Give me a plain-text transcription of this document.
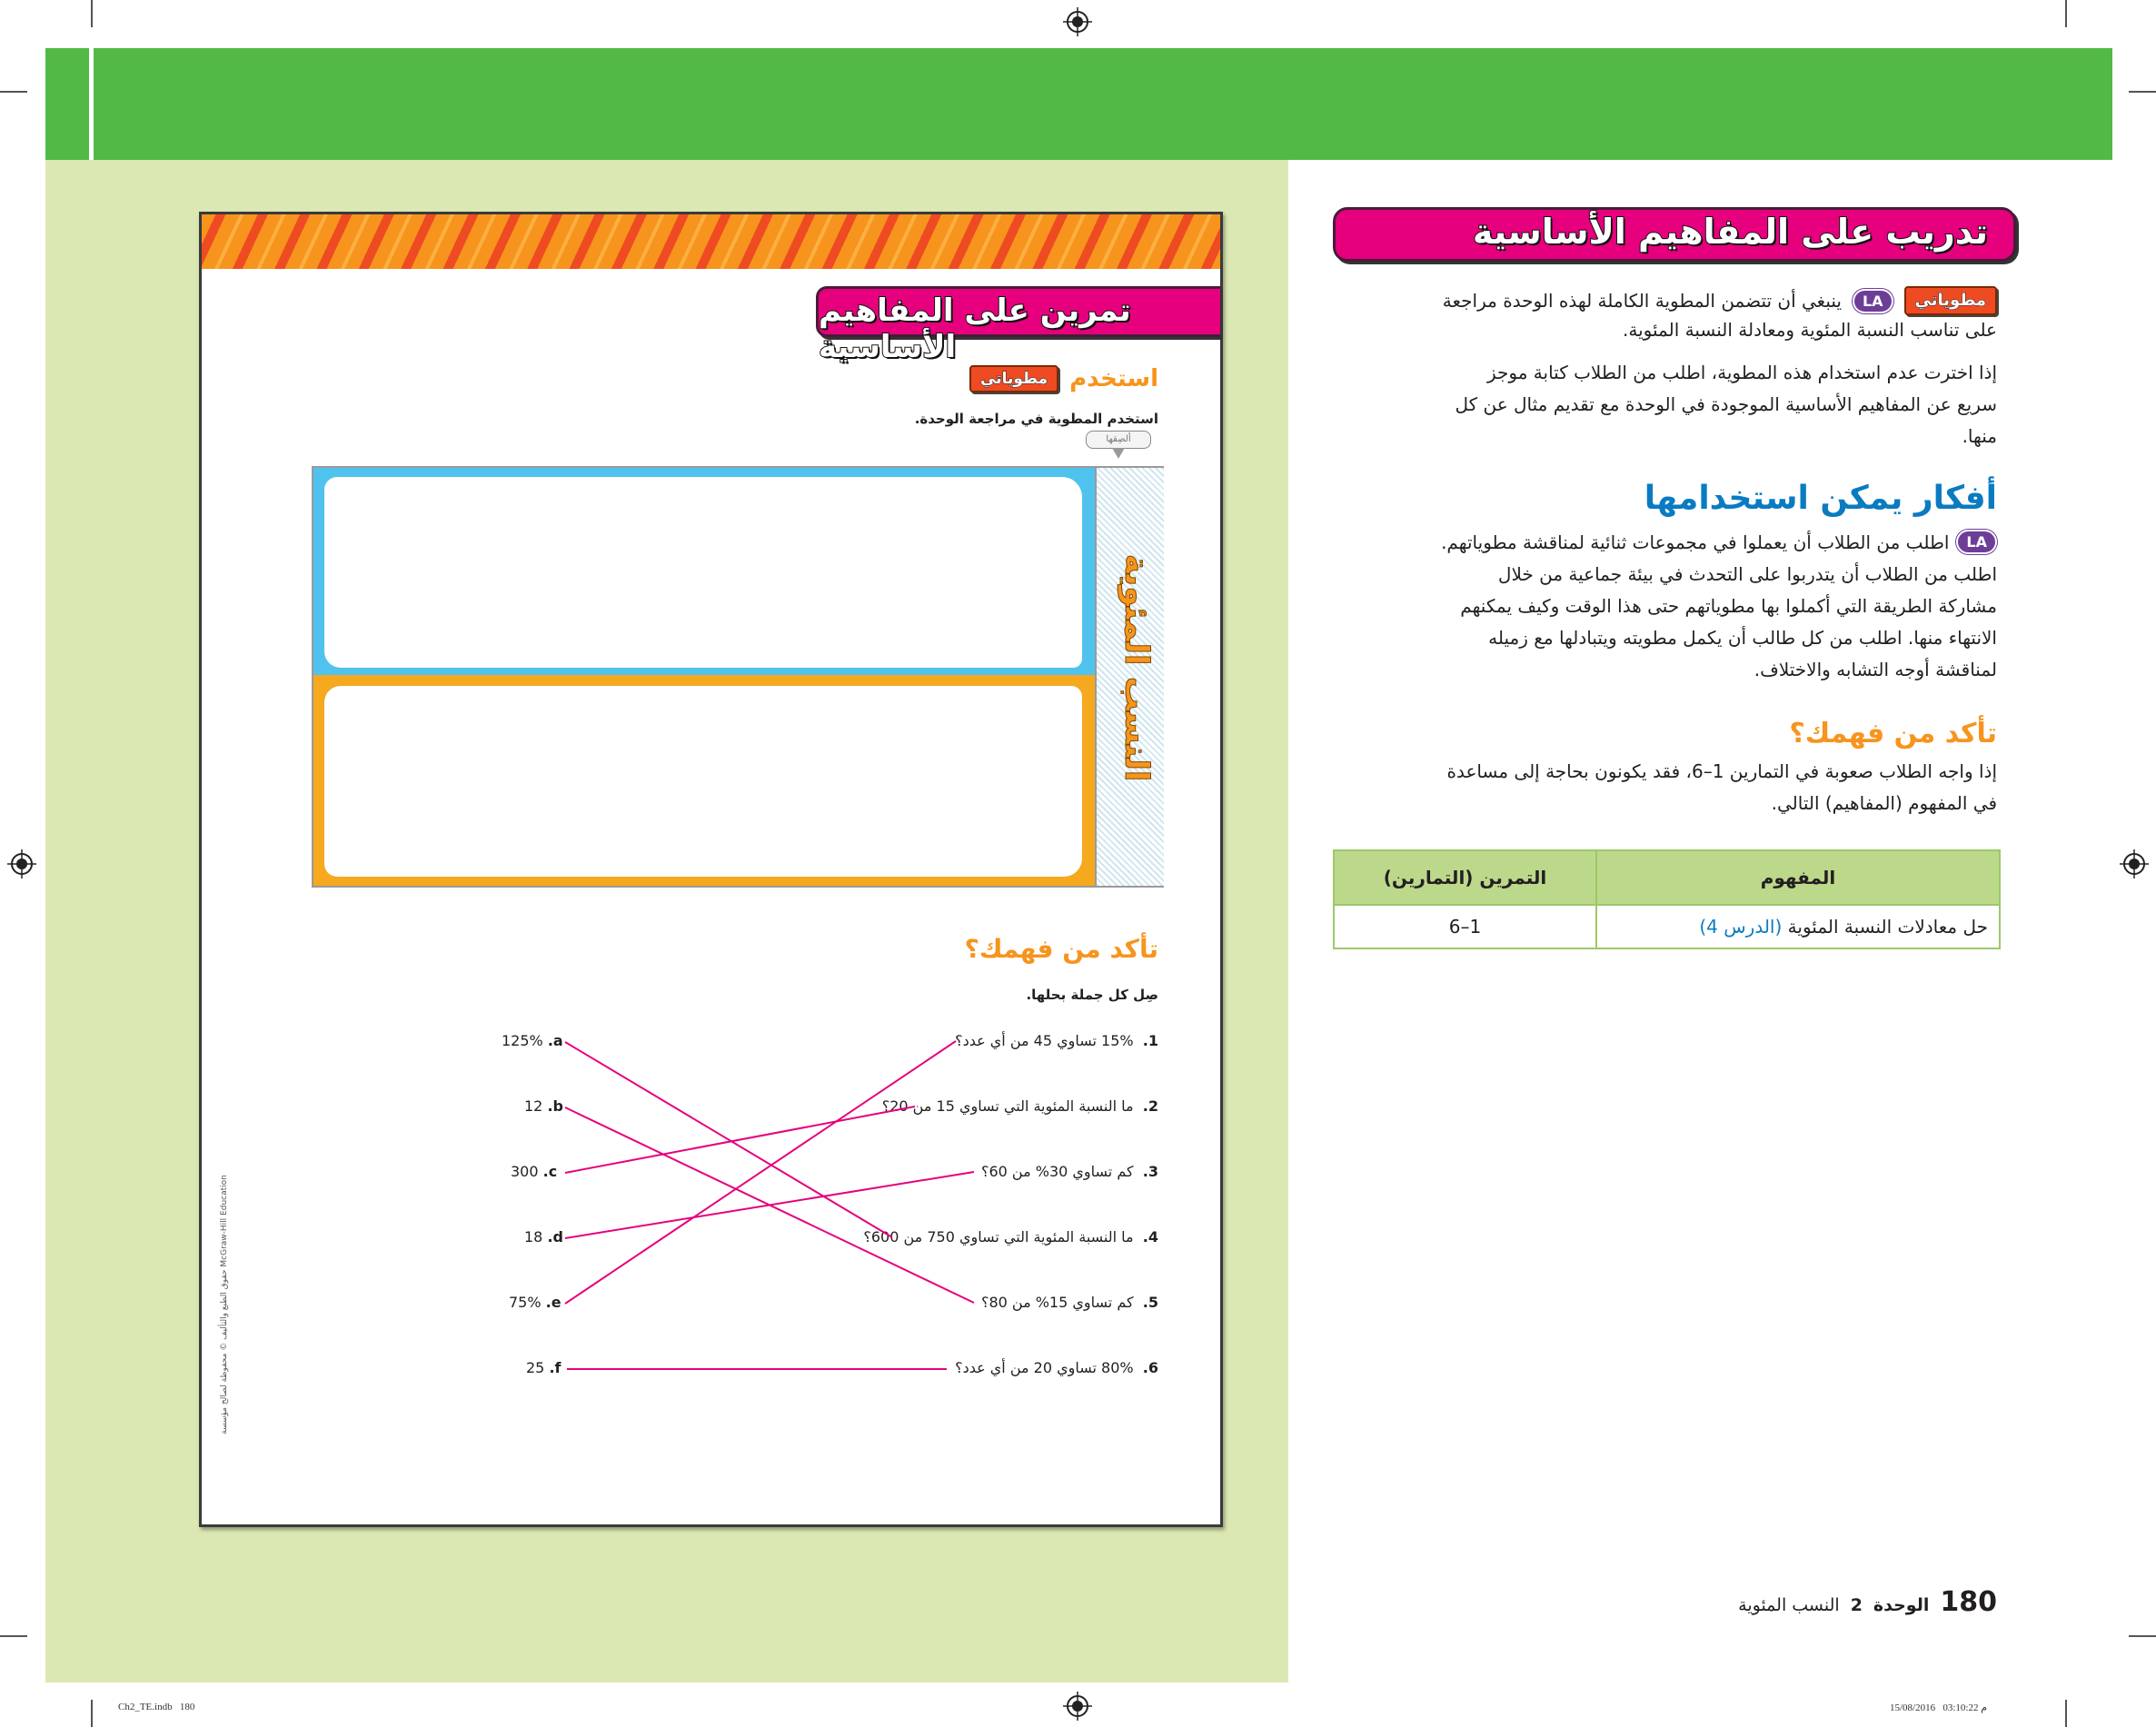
تمرين على المفاهيم الأساسية
استخدم
مطوياتي
استخدم المطوية في مراجعة الوحدة.
ألصِقها
النسب المئوية
تأكد من فهمك؟
صِل كل جملة بحلها.
1.  15% تساوي 45 من أي عدد؟
2.  ما النسبة المئوية التي تساوي 15 من 20؟
3.  كم تساوي 30% من 60؟
4.  ما النسبة المئوية التي تساوي 750 من 600؟
5.  كم تساوي 15% من 80؟
6.  80% تساوي 20 من أي عدد؟
125% .a
12 .b
300 .c
18 .d
75% .e
25 .f
حقوق الطبع والتأليف © محفوظة لصالح مؤسسة McGraw-Hill Education
تدريب على المفاهيم الأساسية
مطوياتي
LA
ينبغي أن تتضمن المطوية الكاملة لهذه الوحدة مراجعة
على تناسب النسبة المئوية ومعادلة النسبة المئوية.
إذا اخترت عدم استخدام هذه المطوية، اطلب من الطلاب كتابة موجز
سريع عن المفاهيم الأساسية الموجودة في الوحدة مع تقديم مثال عن كل
منها.
أفكار يمكن استخدامها
LA
اطلب من الطلاب أن يعملوا في مجموعات ثنائية لمناقشة مطوياتهم.
اطلب من الطلاب أن يتدربوا على التحدث في بيئة جماعية من خلال
مشاركة الطريقة التي أكملوا بها مطوياتهم حتى هذا الوقت وكيف يمكنهم
الانتهاء منها. اطلب من كل طالب أن يكمل مطويته ويتبادلها مع زميله
لمناقشة أوجه التشابه والاختلاف.
تأكد من فهمك؟
إذا واجه الطلاب صعوبة في التمارين 1–6، فقد يكونون بحاجة إلى مساعدة
في المفهوم (المفاهيم) التالي.
المفهوم	التمرين (التمارين)
حل معادلات النسبة المئوية (الدرس 4)	1–6
180
الوحدة
2
النسب المئوية
Ch2_TE.indb   180	15/08/2016   03:10:22 م
